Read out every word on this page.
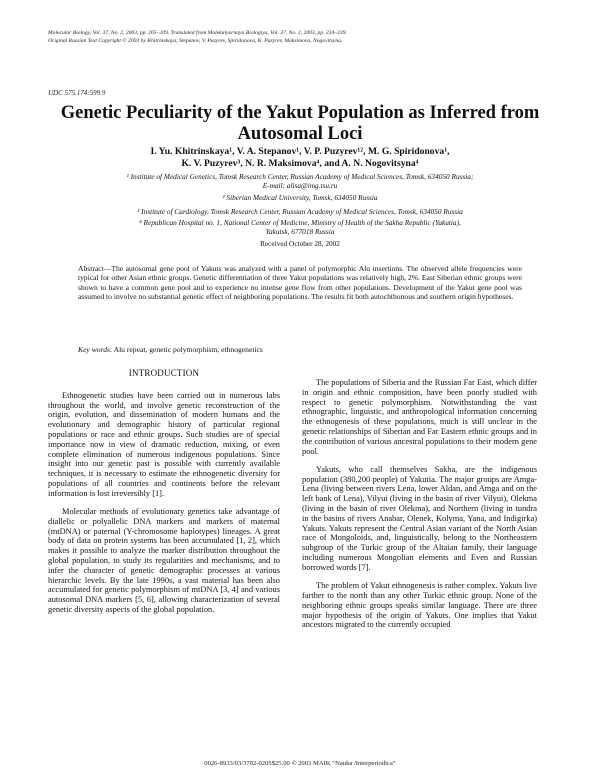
Molecular Biology, Vol. 37, No. 2, 2003, pp. 205–209. Translated from Molekulyarnaya Biologiya, Vol. 37, No. 2, 2003, pp. 234–239.
Original Russian Text Copyright © 2003 by Khitrinskaya, Stepanov, V. Puzyrev, Spiridonova, K. Puzyrev, Maksimova, Nogovitsyna.
UDC 575.174:599.9
Genetic Peculiarity of the Yakut Population as Inferred from Autosomal Loci
I. Yu. Khitrinskaya¹, V. A. Stepanov¹, V. P. Puzyrev¹², M. G. Spiridonova¹,
K. V. Puzyrev³, N. R. Maksimova⁴, and A. N. Nogovitsyna⁴
¹ Institute of Medical Genetics, Tomsk Research Center, Russian Academy of Medical Sciences, Tomsk, 634050 Russia;
E-mail: alisa@img.tsu.ru
² Siberian Medical University, Tomsk, 634050 Russia
³ Institute of Cardiology, Tomsk Research Center, Russian Academy of Medical Sciences, Tomsk, 634050 Russia
⁴ Republican Hospital no. 1, National Center of Medicine, Ministry of Health of the Sakha Republic (Yakutia),
Yakutsk, 677018 Russia
Received October 28, 2002
Abstract—The autosomal gene pool of Yakuts was analyzed with a panel of polymorphic Alu insertions. The observed allele frequencies were typical for other Asian ethnic groups. Genetic differentiation of three Yakut populations was relatively high, 2%. East Siberian ethnic groups were shown to have a common gene pool and to experience no intense gene flow from other populations. Development of the Yakut gene pool was assumed to involve no substantial genetic effect of neighboring populations. The results fit both autochthonous and southern origin hypotheses.
Key words: Alu repeat, genetic polymorphism, ethnogenetics
INTRODUCTION

Ethnogenetic studies have been carried out in numerous labs throughout the world, and involve genetic reconstruction of the origin, evolution, and dissemination of modern humans and the evolutionary and demographic history of particular regional populations or race and ethnic groups. Such studies are of special importance now in view of dramatic reduction, mixing, or even complete elimination of numerous indigenous populations. Since insight into our genetic past is possible with currently available techniques, it is necessary to estimate the ethnogenetic diversity for populations of all countries and continents before the relevant information is lost irreversibly [1].

Molecular methods of evolutionary genetics take advantage of diallelic or polyallelic DNA markers and markers of maternal (mtDNA) or paternal (Y-chromosome haplotypes) lineages. A great body of data on protein systems has been accumulated [1, 2], which makes it possible to analyze the marker distribution throughout the global population, to study its regularities and mechanisms, and to infer the character of genetic demographic processes at various hierarchic levels. By the late 1990s, a vast material has been also accumulated for genetic polymorphism of mtDNA [3, 4] and various autosomal DNA markers [5, 6], allowing characterization of several genetic diversity aspects of the global population.

The populations of Siberia and the Russian Far East, which differ in origin and ethnic composition, have been poorly studied with respect to genetic polymorphism. Notwithstanding the vast ethnographic, linguistic, and anthropological information concerning the ethnogenesis of these populations, much is still unclear in the genetic relationships of Siberian and Far Eastern ethnic groups and in the contribution of various ancestral populations to their modern gene pool.

Yakuts, who call themselves Sakha, are the indigenous population (380,200 people) of Yakutia. The major groups are Amga-Lena (living between rivers Lena, lower Aldan, and Amga and on the left bank of Lena), Vilyui (living in the basin of river Vilyui), Olekma (living in the basin of river Olekma), and Northern (living in tundra in the basins of rivers Anabar, Olenek, Kolyma, Yana, and Indigirka) Yakuts. Yakuts represent the Central Asian variant of the North Asian race of Mongoloids, and, linguistically, belong to the Northeastern subgroup of the Turkic group of the Altaian family, their language including numerous Mongolian elements and Even and Russian borrowed words [7].

The problem of Yakut ethnogenesis is rather complex. Yakuts live farther to the north than any other Turkic ethnic group. None of the neighboring ethnic groups speaks similar language. There are three major hypothesis of the origin of Yakuts. One implies that Yakut ancestors migrated to the currently occupied

0026-8933/03/3702-0205$25.00 © 2003 MAIK “Nauka /Interperiodica”
